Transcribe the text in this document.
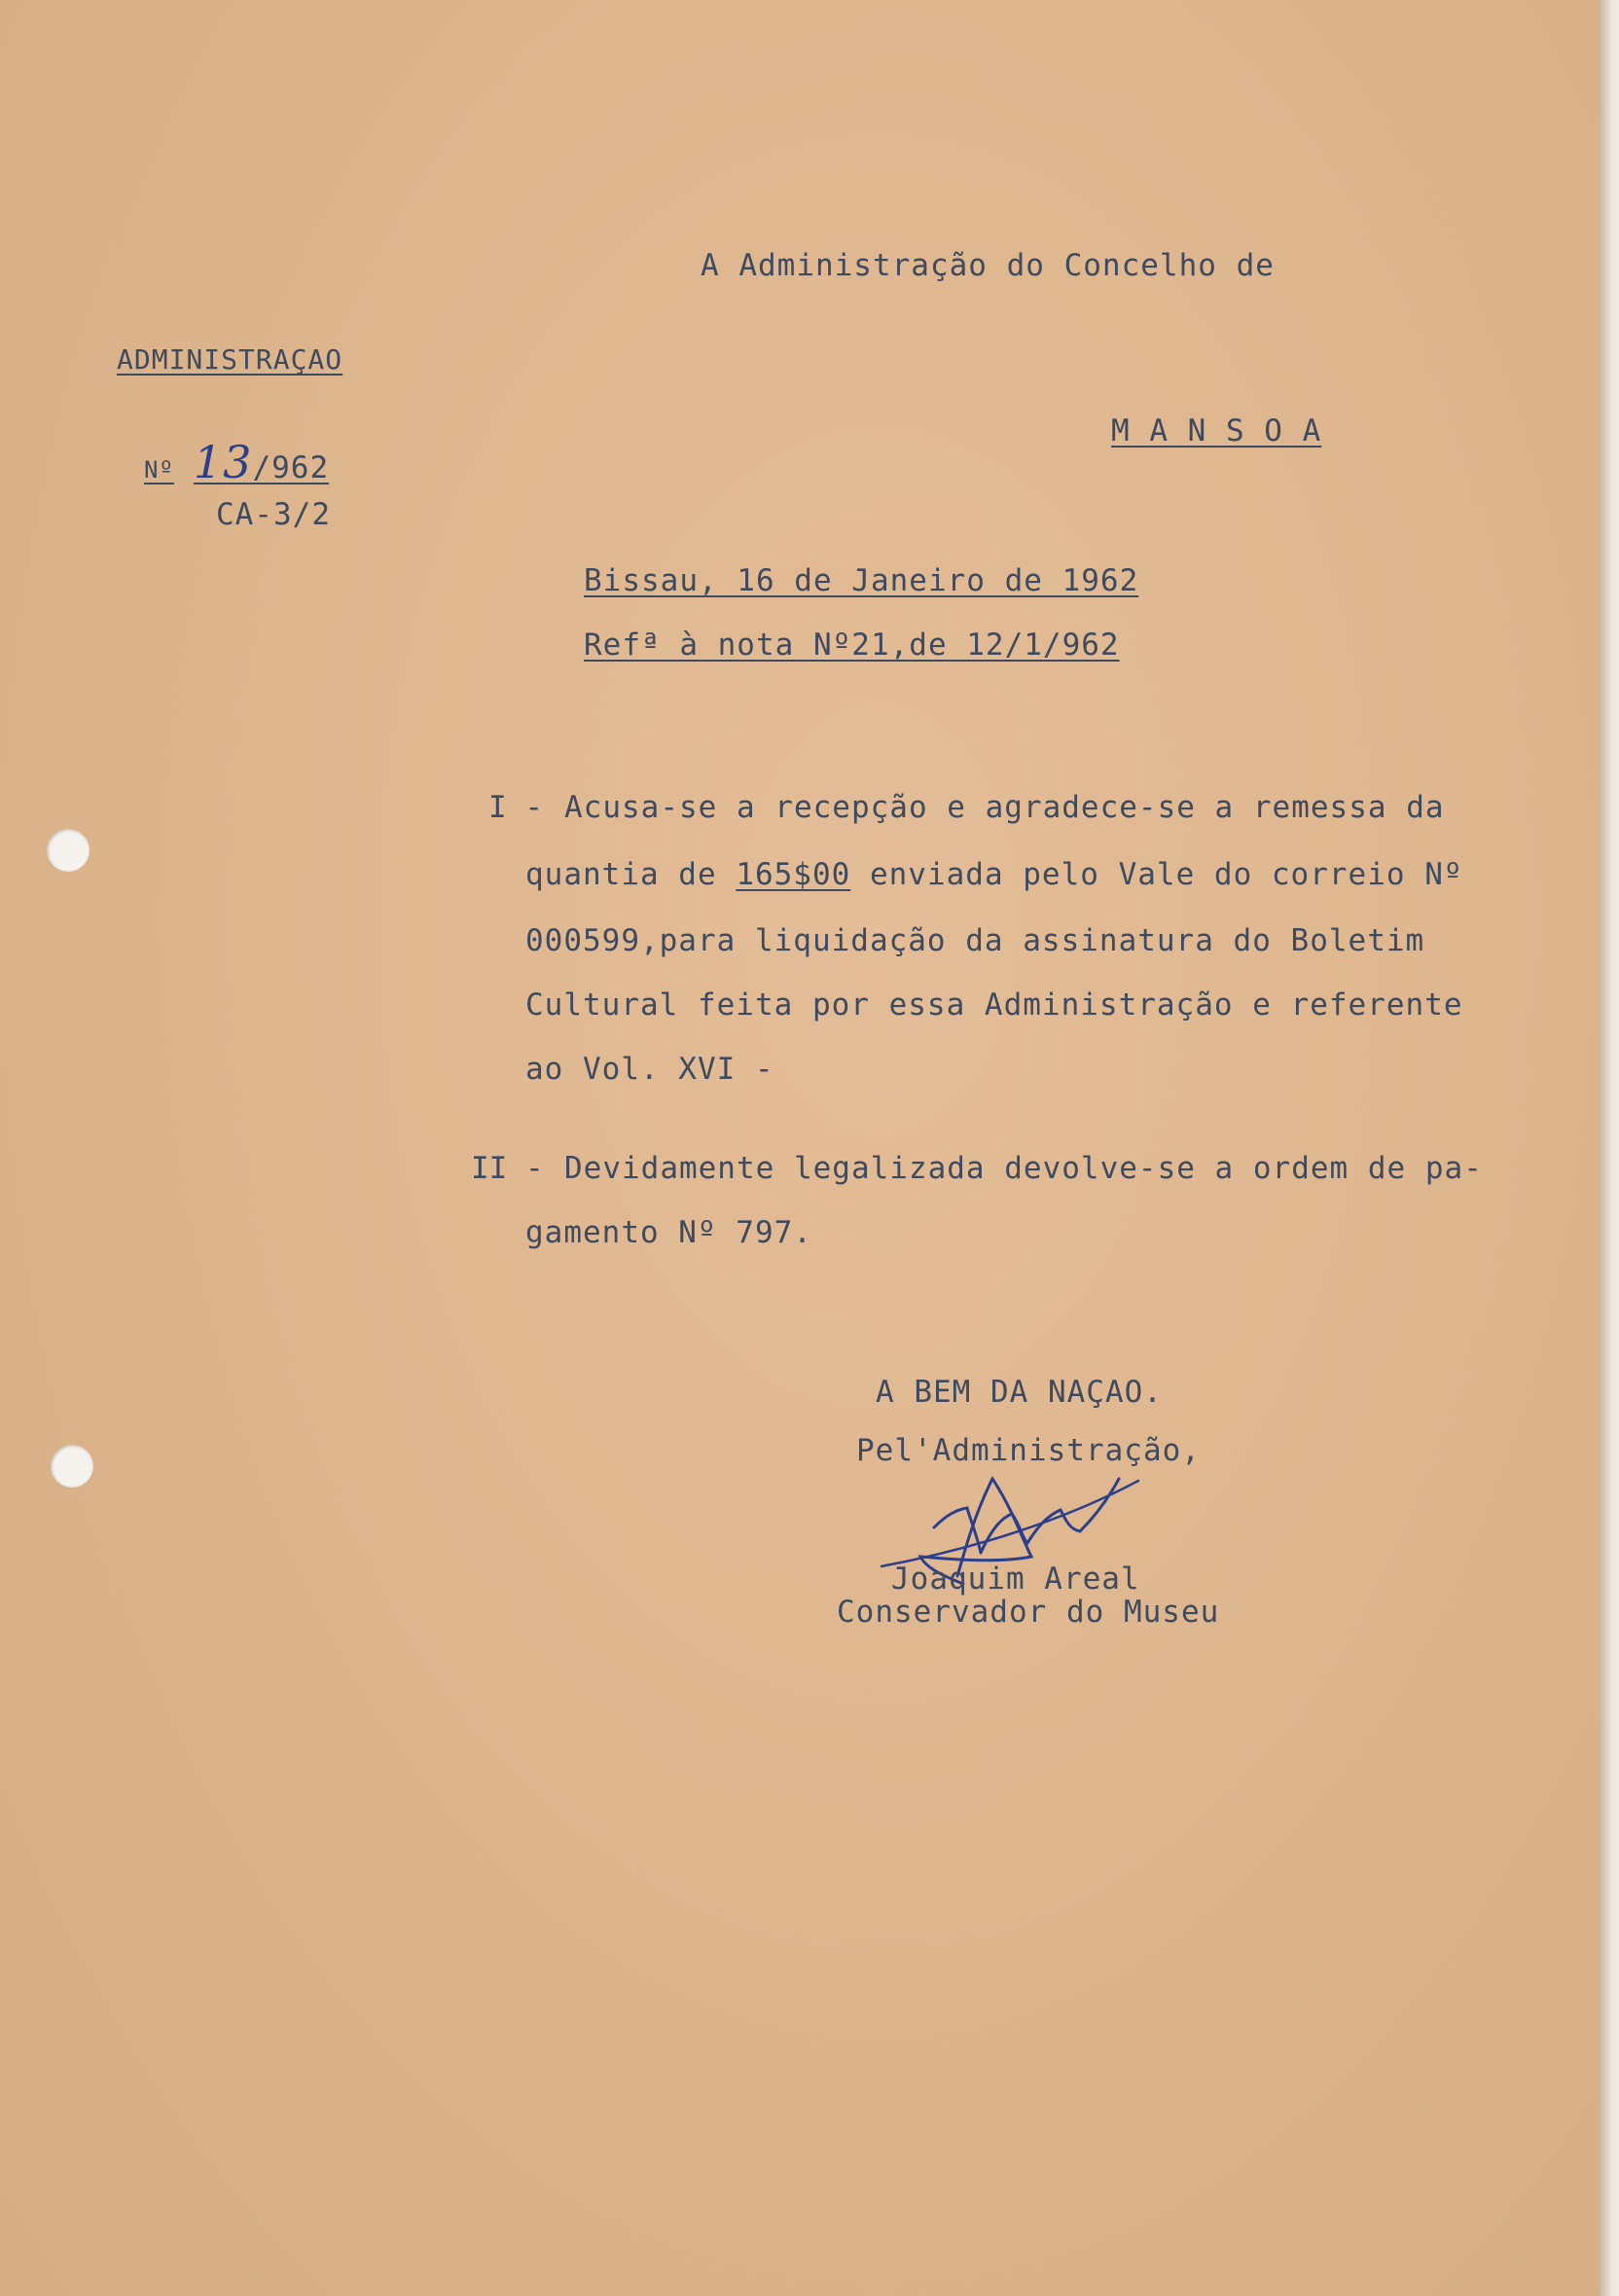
A Administração do Concelho de
ADMINISTRAÇAO
M A N S O A
Nº 13/962
CA-3/2
Bissau, 16 de Janeiro de 1962
Refª à nota Nº21,de 12/1/962
I - Acusa-se a recepção e agradece-se a remessa da
quantia de 165$00 enviada pelo Vale do correio Nº
000599,para liquidação da assinatura do Boletim
Cultural feita por essa Administração e referente
ao Vol. XVI -
II - Devidamente legalizada devolve-se a ordem de pa-
gamento Nº 797.
A BEM DA NAÇAO.
Pel'Administração,
Joaquim Areal
Conservador do Museu
